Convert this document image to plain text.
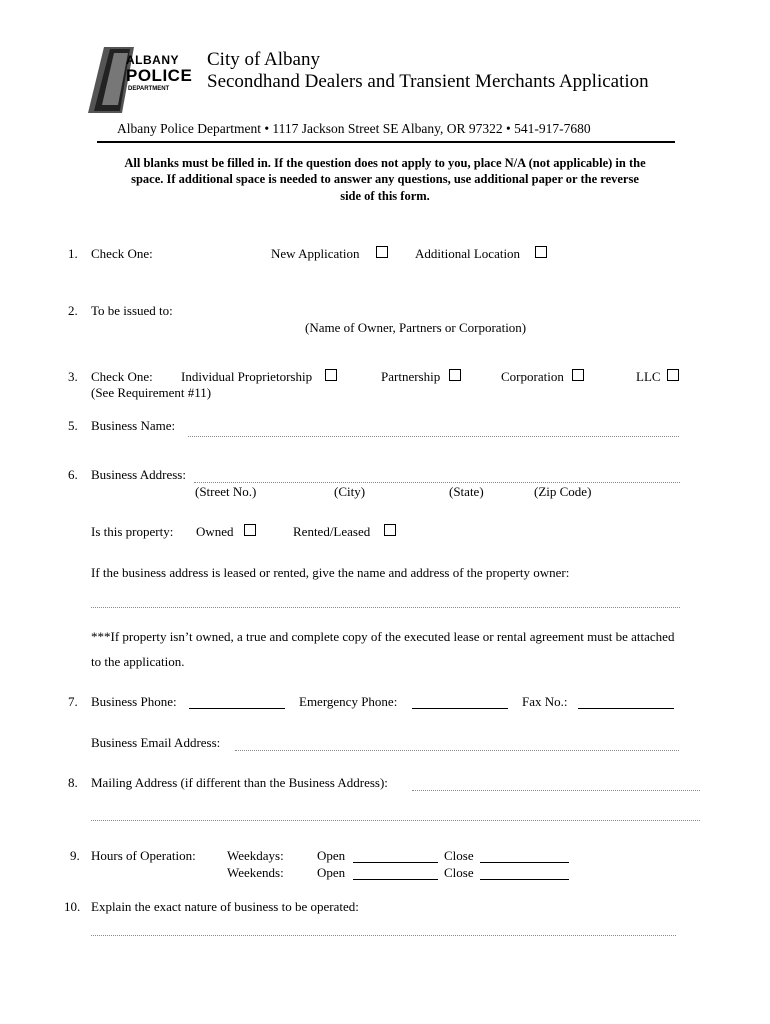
ALBANY
POLICE
DEPARTMENT
City of Albany
Secondhand Dealers and Transient Merchants Application
Albany Police Department • 1117 Jackson Street SE Albany, OR 97322 • 541-917-7680
All blanks must be filled in. If the question does not apply to you, place N/A (not applicable) in the
space. If additional space is needed to answer any questions, use additional paper or the reverse
side of this form.
1. Check One:	New Application	Additional Location
2. To be issued to:
(Name of Owner, Partners or Corporation)
3. Check One:
(See Requirement #11)
Individual Proprietorship	Partnership	Corporation	LLC
5. Business Name:
6. Business Address:
(Street No.)	(City)	(State)	(Zip Code)
Is this property: Owned	Rented/Leased
If the business address is leased or rented, give the name and address of the property owner:
***If property isn’t owned, a true and complete copy of the executed lease or rental agreement must be attached
to the application.
7. Business Phone:	Emergency Phone:	Fax No.:
Business Email Address:
8. Mailing Address (if different than the Business Address):
9. Hours of Operation: Weekdays:	Open	Close
Weekends:	Open	Close
10. Explain the exact nature of business to be operated:
